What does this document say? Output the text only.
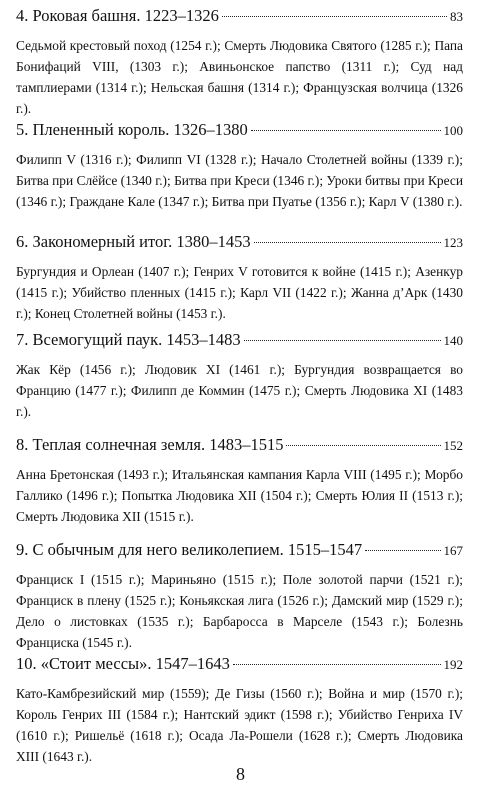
4. Роковая башня. 1223–1326	83
Седьмой крестовый поход (1254 г.); Смерть Людовика Святого (1285 г.); Папа Бонифаций VIII, (1303 г.); Авиньонское папство (1311 г.); Суд над тамплиерами (1314 г.); Нельская башня (1314 г.); Французская волчица (1326 г.).
5. Плененный король. 1326–1380	100
Филипп V (1316 г.); Филипп VI (1328 г.); Начало Столетней войны (1339 г.); Битва при Слёйсе (1340 г.); Битва при Креси (1346 г.); Уроки битвы при Креси (1346 г.); Граждане Кале (1347 г.); Битва при Пуатье (1356 г.); Карл V (1380 г.).
6. Закономерный итог. 1380–1453	123
Бургундия и Орлеан (1407 г.); Генрих V готовится к войне (1415 г.); Азенкур (1415 г.); Убийство пленных (1415 г.); Карл VII (1422 г.); Жанна д’Арк (1430 г.); Конец Столетней войны (1453 г.).
7. Всемогущий паук. 1453–1483	140
Жак Кёр (1456 г.); Людовик XI (1461 г.); Бургундия возвращается во Францию (1477 г.); Филипп де Коммин (1475 г.); Смерть Людовика XI (1483 г.).
8. Теплая солнечная земля. 1483–1515	152
Анна Бретонская (1493 г.); Итальянская кампания Карла VIII (1495 г.); Морбо Галлико (1496 г.); Попытка Людовика XII (1504 г.); Смерть Юлия II (1513 г.); Смерть Людовика XII (1515 г.).
9. С обычным для него великолепием. 1515–1547	167
Франциск I (1515 г.); Мариньяно (1515 г.); Поле золотой парчи (1521 г.); Франциск в плену (1525 г.); Коньякская лига (1526 г.); Дамский мир (1529 г.); Дело о листовках (1535 г.); Барбаросса в Марселе (1543 г.); Болезнь Франциска (1545 г.).
10. «Стоит мессы». 1547–1643	192
Като-Камбрезийский мир (1559); Де Гизы (1560 г.); Война и мир (1570 г.); Король Генрих III (1584 г.); Нантский эдикт (1598 г.); Убийство Генриха IV (1610 г.); Ришельё (1618 г.); Осада Ла-Рошели (1628 г.); Смерть Людовика XIII (1643 г.).
8
